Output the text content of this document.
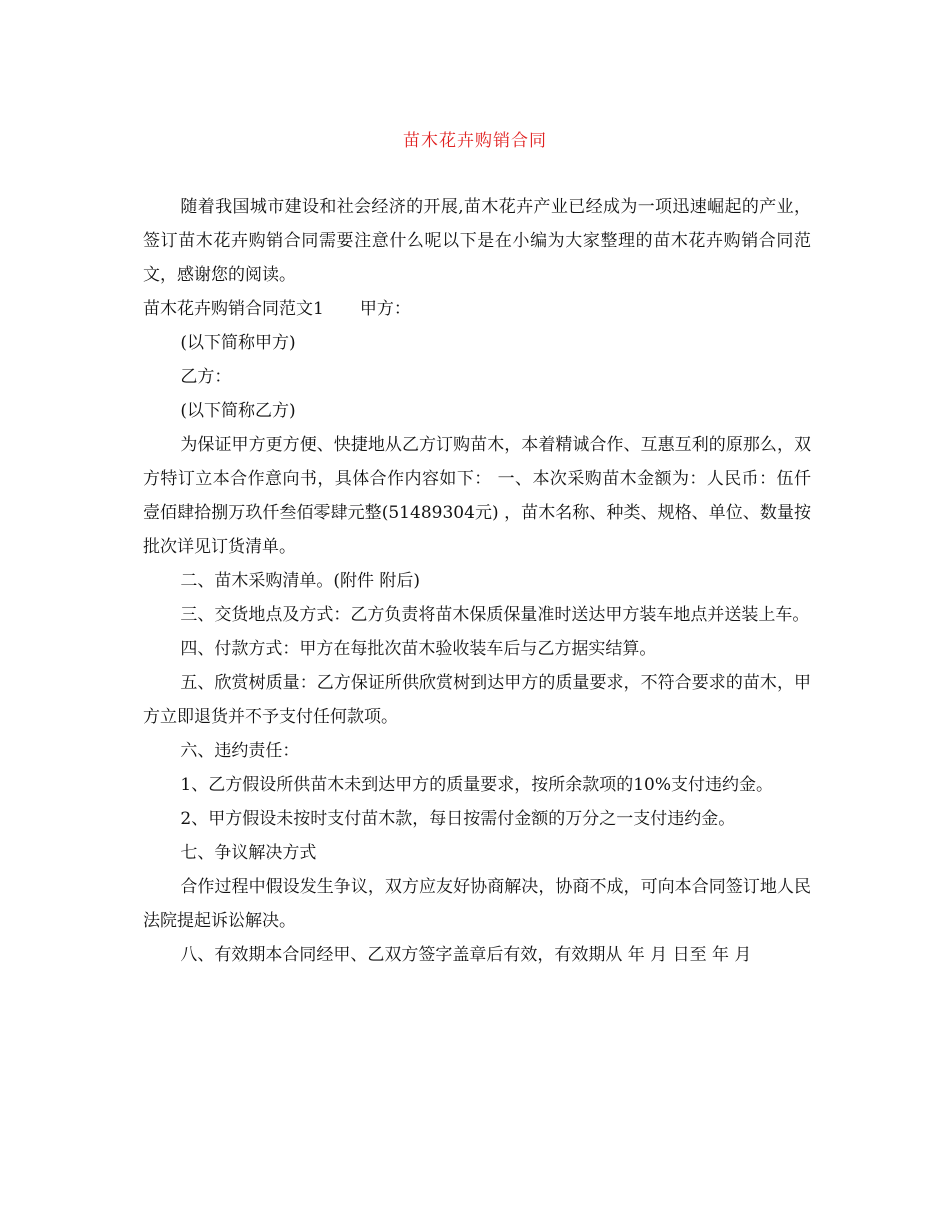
苗木花卉购销合同

随着我国城市建设和社会经济的开展,苗木花卉产业已经成为一项迅速崛起的产业，签订苗木花卉购销合同需要注意什么呢以下是在小编为大家整理的苗木花卉购销合同范文，感谢您的阅读。

苗木花卉购销合同范文1 甲方：

(以下简称甲方)

乙方：

(以下简称乙方)

为保证甲方更方便、快捷地从乙方订购苗木，本着精诚合作、互惠互利的原那么，双方特订立本合作意向书，具体合作内容如下： 一、本次采购苗木金额为：人民币：伍仟壹佰肆拾捌万玖仟叁佰零肆元整(51489304元) ，苗木名称、种类、规格、单位、数量按批次详见订货清单。

二、苗木采购清单。(附件 附后)

三、交货地点及方式：乙方负责将苗木保质保量准时送达甲方装车地点并送装上车。

四、付款方式：甲方在每批次苗木验收装车后与乙方据实结算。

五、欣赏树质量：乙方保证所供欣赏树到达甲方的质量要求，不符合要求的苗木，甲方立即退货并不予支付任何款项。

六、违约责任：

1、乙方假设所供苗木未到达甲方的质量要求，按所余款项的10%支付违约金。

2、甲方假设未按时支付苗木款，每日按需付金额的万分之一支付违约金。

七、争议解决方式

合作过程中假设发生争议，双方应友好协商解决，协商不成，可向本合同签订地人民法院提起诉讼解决。

八、有效期本合同经甲、乙双方签字盖章后有效，有效期从 年 月 日至 年 月
